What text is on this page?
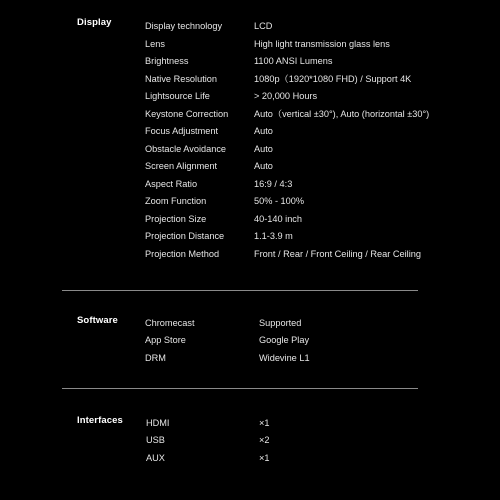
Display	Display technology	LCD
Lens	High light transmission glass lens
Brightness	1100 ANSI Lumens
Native Resolution	1080p（1920*1080 FHD) / Support 4K
Lightsource Life	> 20,000 Hours
Keystone Correction	Auto（vertical ±30°), Auto (horizontal ±30°)
Focus Adjustment	Auto
Obstacle Avoidance	Auto
Screen Alignment	Auto
Aspect Ratio	16:9 / 4:3
Zoom Function	50% - 100%
Projection Size	40-140 inch
Projection Distance	1.1-3.9 m
Projection Method	Front / Rear / Front Ceiling / Rear Ceiling
Software	Chromecast	Supported
App Store	Google Play
DRM	Widevine L1
Interfaces	HDMI	×1
USB	×2
AUX	×1
